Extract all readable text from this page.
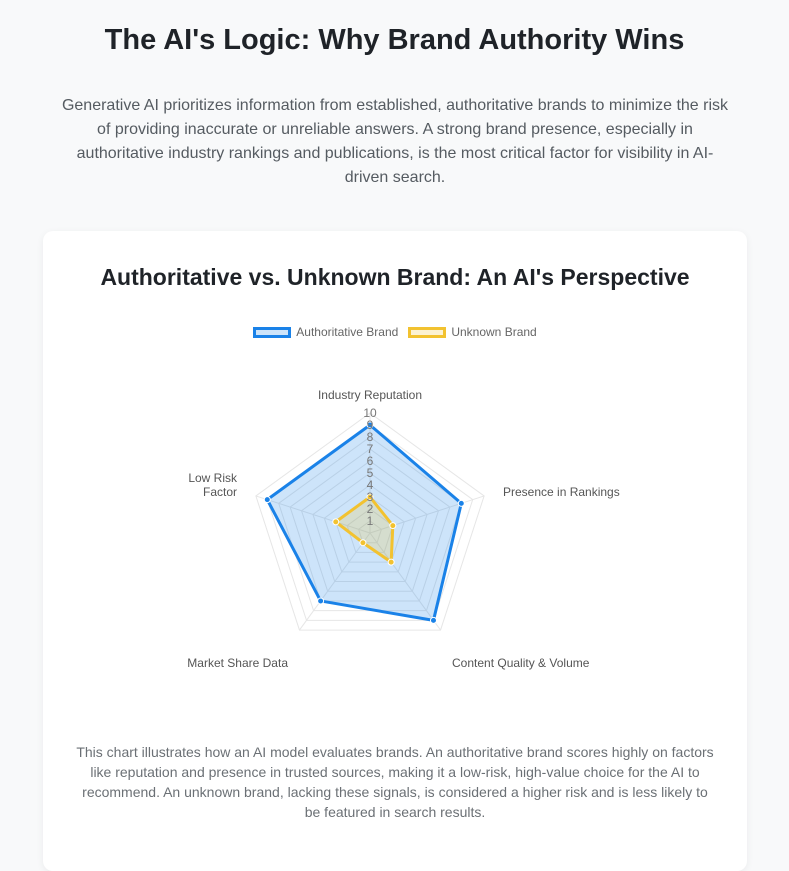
The AI's Logic: Why Brand Authority Wins

Generative AI prioritizes information from established, authoritative brands to minimize the risk of providing inaccurate or unreliable answers. A strong brand presence, especially in authoritative industry rankings and publications, is the most critical factor for visibility in AI-driven search.

Authoritative vs. Unknown Brand: An AI's Perspective
Authoritative Brand	Unknown Brand
1
2
3
4
5
6
7
8
9
10
Industry Reputation
Presence in Rankings
Content Quality & Volume
Market Share Data
Low Risk
Factor

This chart illustrates how an AI model evaluates brands. An authoritative brand scores highly on factors like reputation and presence in trusted sources, making it a low-risk, high-value choice for the AI to recommend. An unknown brand, lacking these signals, is considered a higher risk and is less likely to be featured in search results.
